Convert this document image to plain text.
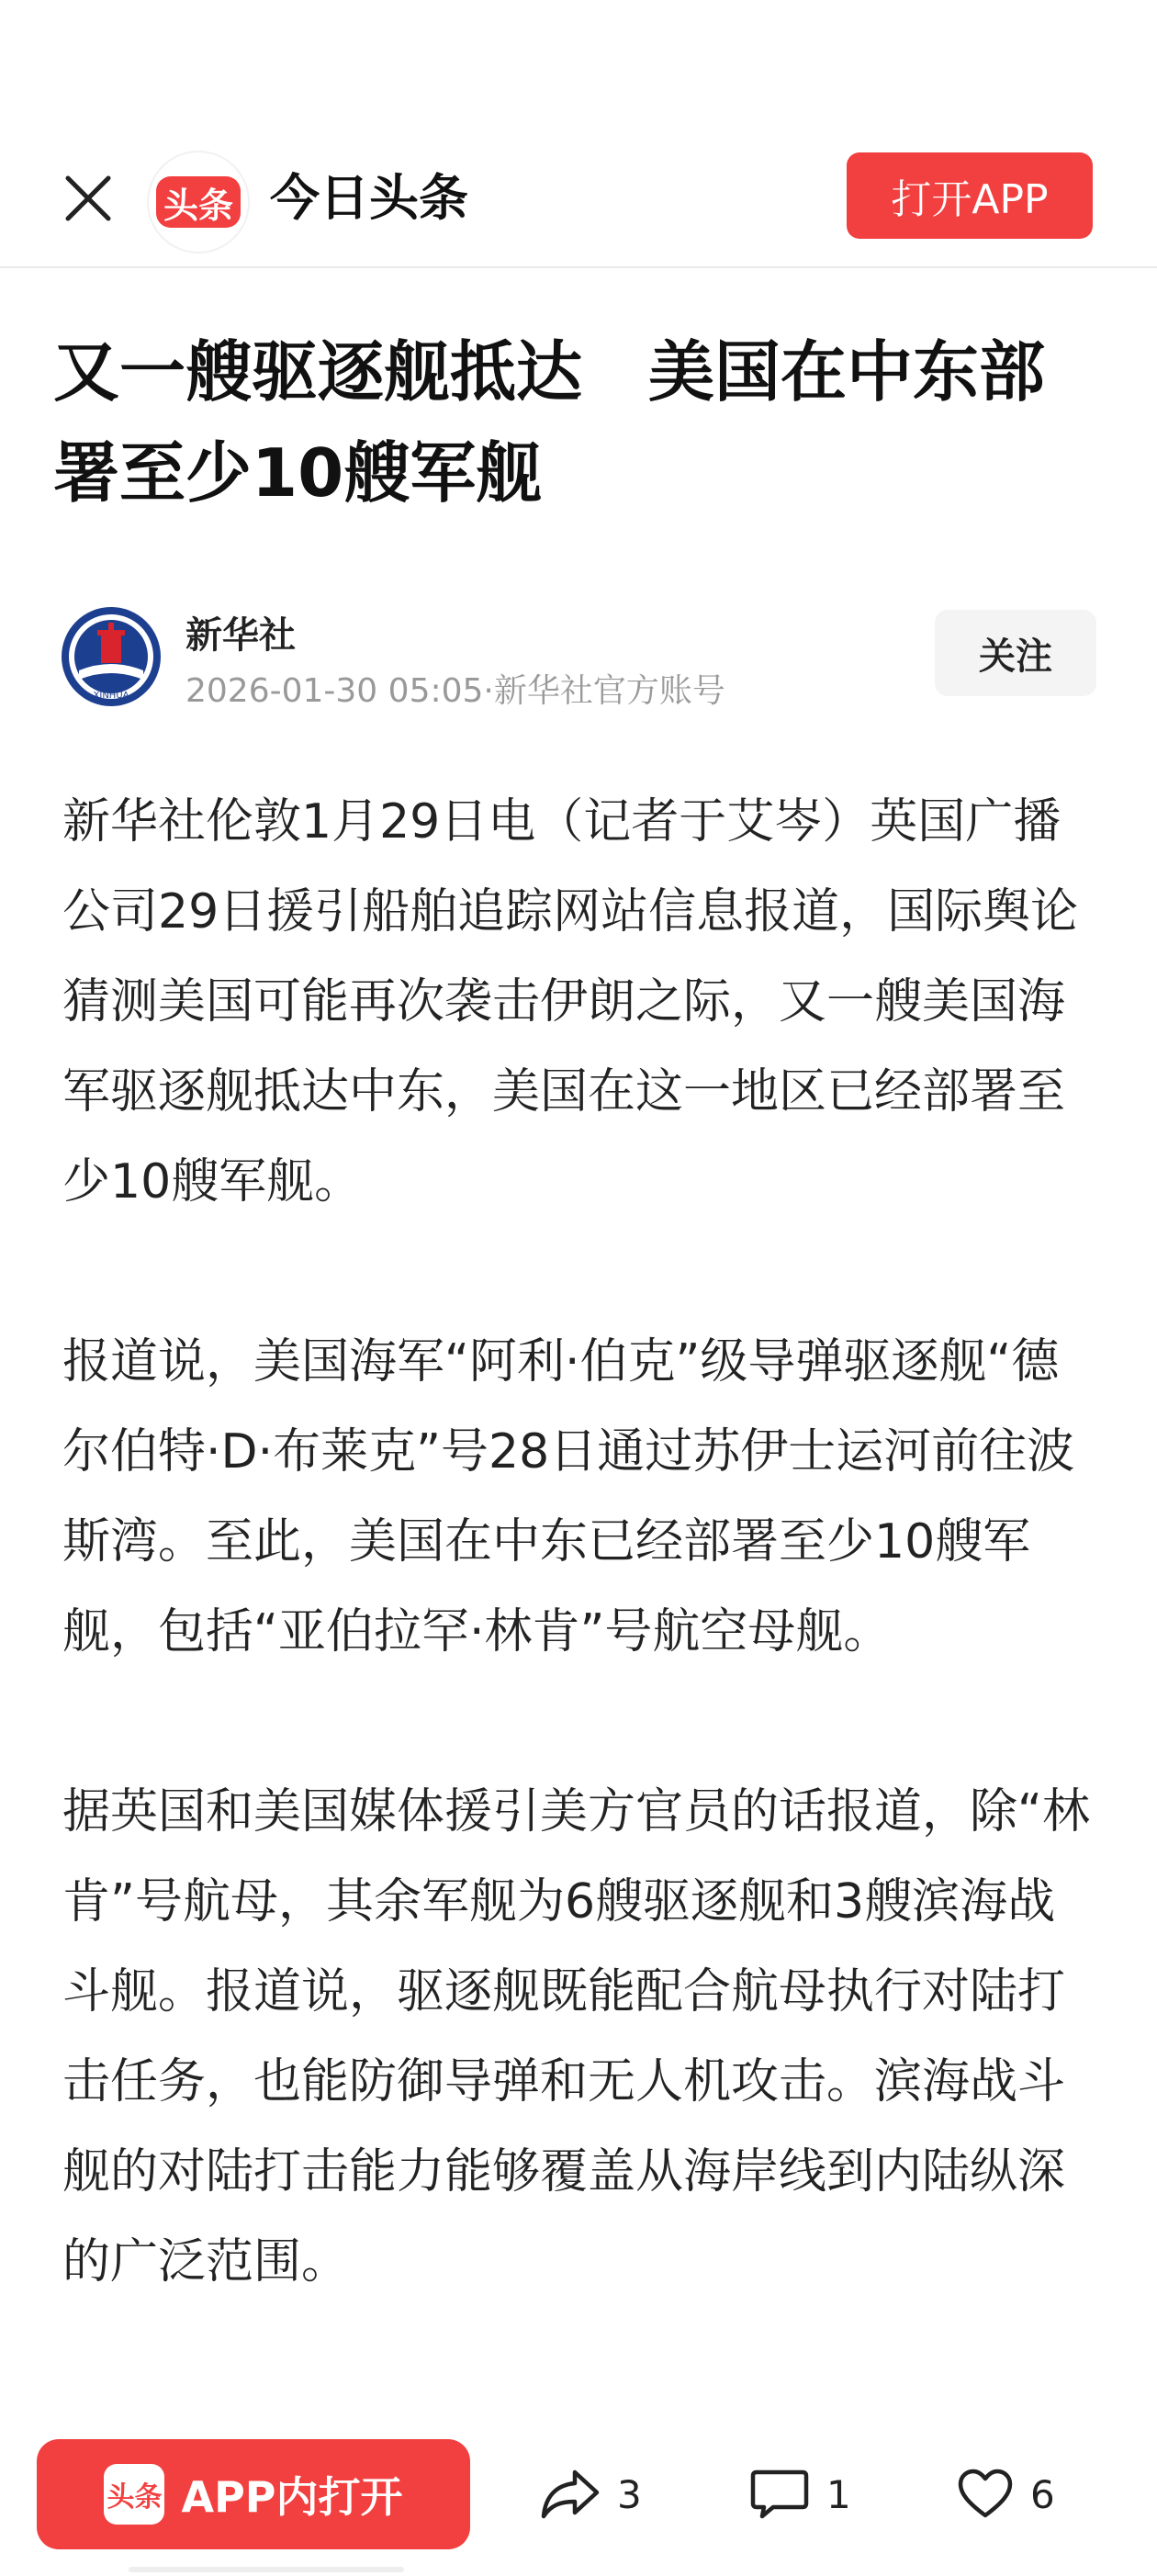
头条 今日头条	打开APP
又一艘驱逐舰抵达　美国在中东部署至少10艘军舰
XINHUA
新华社
2026-01-30 05:05·新华社官方账号
关注

新华社伦敦1月29日电（记者于艾岑）英国广播公司29日援引船舶追踪网站信息报道，国际舆论猜测美国可能再次袭击伊朗之际，又一艘美国海军驱逐舰抵达中东，美国在这一地区已经部署至少10艘军舰。

报道说，美国海军“阿利·伯克”级导弹驱逐舰“德尔伯特·D·布莱克”号28日通过苏伊士运河前往波斯湾。至此，美国在中东已经部署至少10艘军舰，包括“亚伯拉罕·林肯”号航空母舰。

据英国和美国媒体援引美方官员的话报道，除“林肯”号航母，其余军舰为6艘驱逐舰和3艘滨海战斗舰。报道说，驱逐舰既能配合航母执行对陆打击任务，也能防御导弹和无人机攻击。滨海战斗舰的对陆打击能力能够覆盖从海岸线到内陆纵深的广泛范围。

头条 APP内打开	3	1	6
